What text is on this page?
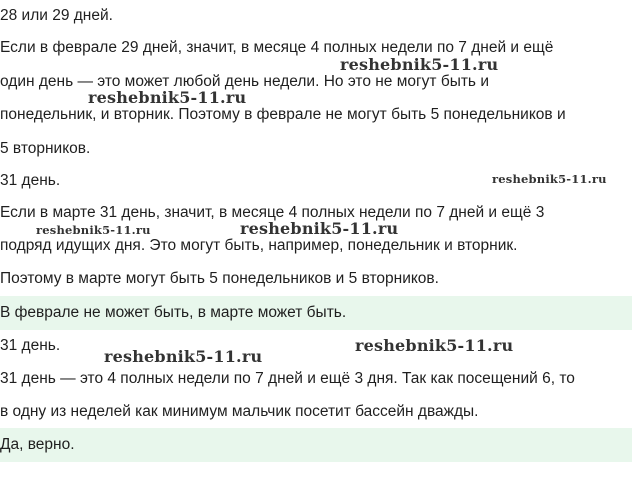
28 или 29 дней.
Если в феврале 29 дней, значит, в месяце 4 полных недели по 7 дней и ещё
один день — это может любой день недели. Но это не могут быть и
понедельник, и вторник. Поэтому в феврале не могут быть 5 понедельников и
5 вторников.
31 день.
Если в марте 31 день, значит, в месяце 4 полных недели по 7 дней и ещё 3
подряд идущих дня. Это могут быть, например, понедельник и вторник.
Поэтому в марте могут быть 5 понедельников и 5 вторников.
В феврале не может быть, в марте может быть.
31 день.
31 день — это 4 полных недели по 7 дней и ещё 3 дня. Так как посещений 6, то
в одну из неделей как минимум мальчик посетит бассейн дважды.
Да, верно.
reshebnik5-11.ru
reshebnik5-11.ru
reshebnik5-11.ru
reshebnik5-11.ru	reshebnik5-11.ru
reshebnik5-11.ru
reshebnik5-11.ru
